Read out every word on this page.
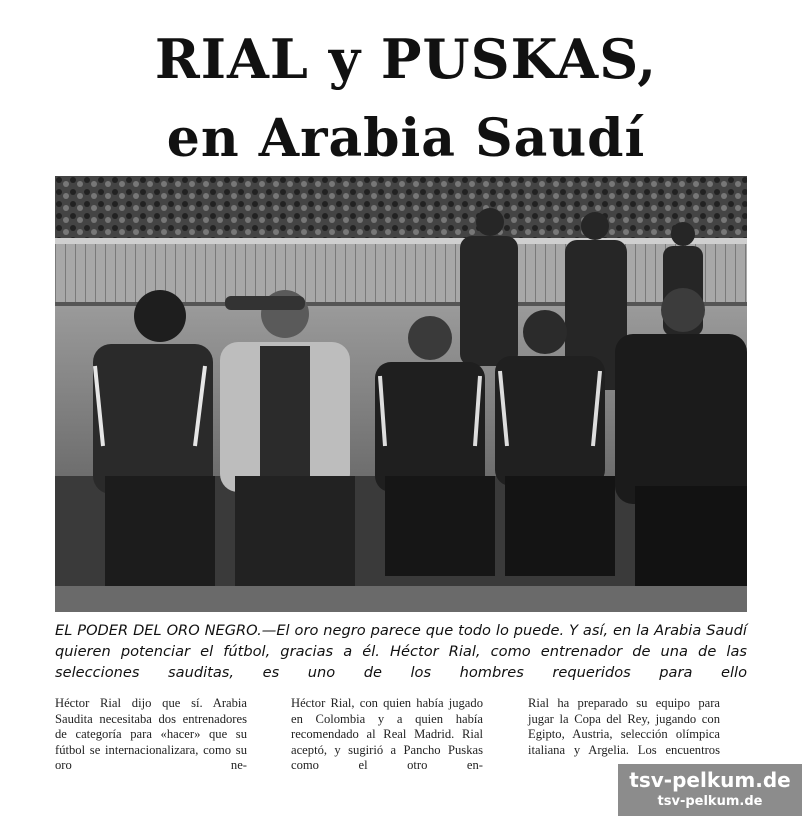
RIAL y PUSKAS,
en Arabia Saudí
EL PODER DEL ORO NEGRO.—El oro negro parece que todo lo puede. Y así, en la Arabia Saudí quieren potenciar el fútbol, gracias a él. Héctor Rial, como entrenador de una de las selecciones sauditas, es uno de los hombres requeridos para ello
Héctor Rial dijo que sí. Arabia Saudita necesitaba dos entrenadores de categoría para «hacer» que su fútbol se internacionalizara, como su oro ne-
Héctor Rial, con quien había jugado en Colombia y a quien había recomendado al Real Madrid. Rial aceptó, y sugirió a Pancho Puskas como el otro en-
Rial ha preparado su equipo para jugar la Copa del Rey, jugando con Egipto, Austria, selección olímpica italiana y Argelia. Los encuentros
tsv-pelkum.de
tsv-pelkum.de
